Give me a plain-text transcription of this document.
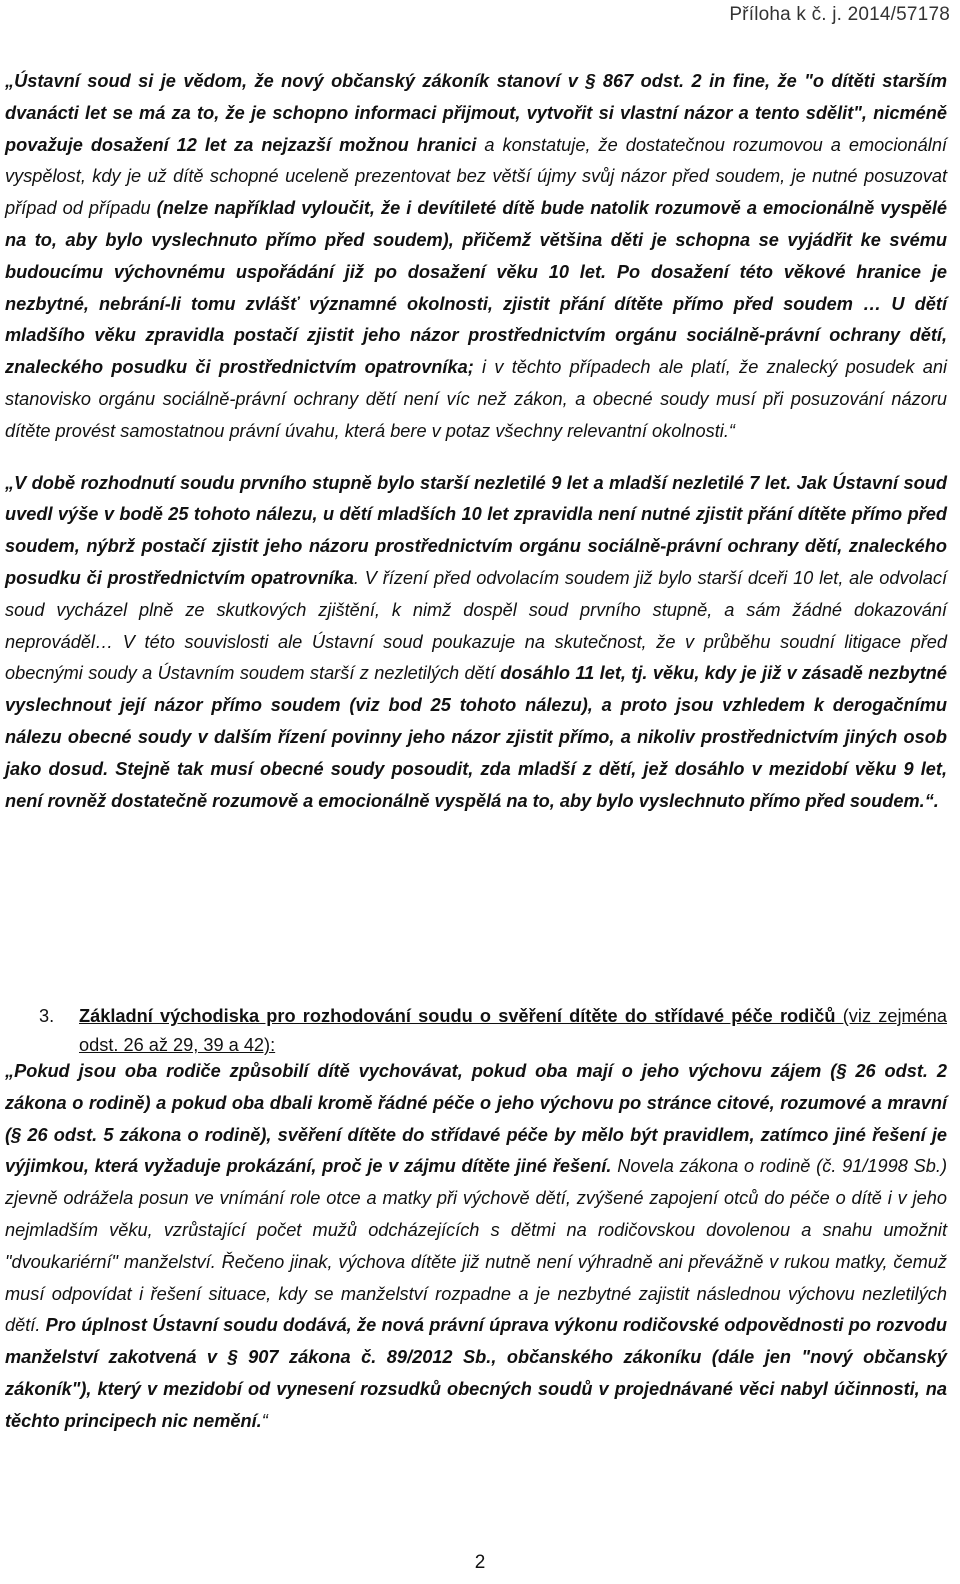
Příloha k č. j. 2014/57178

„Ústavní soud si je vědom, že nový občanský zákoník stanoví v § 867 odst. 2 in fine, že "o dítěti starším dvanácti let se má za to, že je schopno informaci přijmout, vytvořit si vlastní názor a tento sdělit", nicméně považuje dosažení 12 let za nejzazší možnou hranici a konstatuje, že dostatečnou rozumovou a emocionální vyspělost, kdy je už dítě schopné uceleně prezentovat bez větší újmy svůj názor před soudem, je nutné posuzovat případ od případu (nelze například vyloučit, že i devítileté dítě bude natolik rozumově a emocionálně vyspělé na to, aby bylo vyslechnuto přímo před soudem), přičemž většina děti je schopna se vyjádřit ke svému budoucímu výchovnému uspořádání již po dosažení věku 10 let. Po dosažení této věkové hranice je nezbytné, nebrání-li tomu zvlášť významné okolnosti, zjistit přání dítěte přímo před soudem … U dětí mladšího věku zpravidla postačí zjistit jeho názor prostřednictvím orgánu sociálně-právní ochrany dětí, znaleckého posudku či prostřednictvím opatrovníka; i v těchto případech ale platí, že znalecký posudek ani stanovisko orgánu sociálně-právní ochrany dětí není víc než zákon, a obecné soudy musí při posuzování názoru dítěte provést samostatnou právní úvahu, která bere v potaz všechny relevantní okolnosti.“

„V době rozhodnutí soudu prvního stupně bylo starší nezletilé 9 let a mladší nezletilé 7 let. Jak Ústavní soud uvedl výše v bodě 25 tohoto nálezu, u dětí mladších 10 let zpravidla není nutné zjistit přání dítěte přímo před soudem, nýbrž postačí zjistit jeho názoru prostřednictvím orgánu sociálně-právní ochrany dětí, znaleckého posudku či prostřednictvím opatrovníka. V řízení před odvolacím soudem již bylo starší dceři 10 let, ale odvolací soud vycházel plně ze skutkových zjištění, k nimž dospěl soud prvního stupně, a sám žádné dokazování neprováděl… V této souvislosti ale Ústavní soud poukazuje na skutečnost, že v průběhu soudní litigace před obecnými soudy a Ústavním soudem starší z nezletilých dětí dosáhlo 11 let, tj. věku, kdy je již v zásadě nezbytné vyslechnout její názor přímo soudem (viz bod 25 tohoto nálezu), a proto jsou vzhledem k derogačnímu nálezu obecné soudy v dalším řízení povinny jeho názor zjistit přímo, a nikoliv prostřednictvím jiných osob jako dosud. Stejně tak musí obecné soudy posoudit, zda mladší z dětí, jež dosáhlo v mezidobí věku 9 let, není rovněž dostatečně rozumově a emocionálně vyspělá na to, aby bylo vyslechnuto přímo před soudem.“.

3. Základní východiska pro rozhodování soudu o svěření dítěte do střídavé péče rodičů (viz zejména odst. 26 až 29, 39 a 42):

„Pokud jsou oba rodiče způsobilí dítě vychovávat, pokud oba mají o jeho výchovu zájem (§ 26 odst. 2 zákona o rodině) a pokud oba dbali kromě řádné péče o jeho výchovu po stránce citové, rozumové a mravní (§ 26 odst. 5 zákona o rodině), svěření dítěte do střídavé péče by mělo být pravidlem, zatímco jiné řešení je výjimkou, která vyžaduje prokázání, proč je v zájmu dítěte jiné řešení. Novela zákona o rodině (č. 91/1998 Sb.) zjevně odrážela posun ve vnímání role otce a matky při výchově dětí, zvýšené zapojení otců do péče o dítě i v jeho nejmladším věku, vzrůstající počet mužů odcházejících s dětmi na rodičovskou dovolenou a snahu umožnit "dvoukariérní" manželství. Řečeno jinak, výchova dítěte již nutně není výhradně ani převážně v rukou matky, čemuž musí odpovídat i řešení situace, kdy se manželství rozpadne a je nezbytné zajistit následnou výchovu nezletilých dětí. Pro úplnost Ústavní soudu dodává, že nová právní úprava výkonu rodičovské odpovědnosti po rozvodu manželství zakotvená v § 907 zákona č. 89/2012 Sb., občanského zákoníku (dále jen "nový občanský zákoník"), který v mezidobí od vynesení rozsudků obecných soudů v projednávané věci nabyl účinnosti, na těchto principech nic nemění.“

2
